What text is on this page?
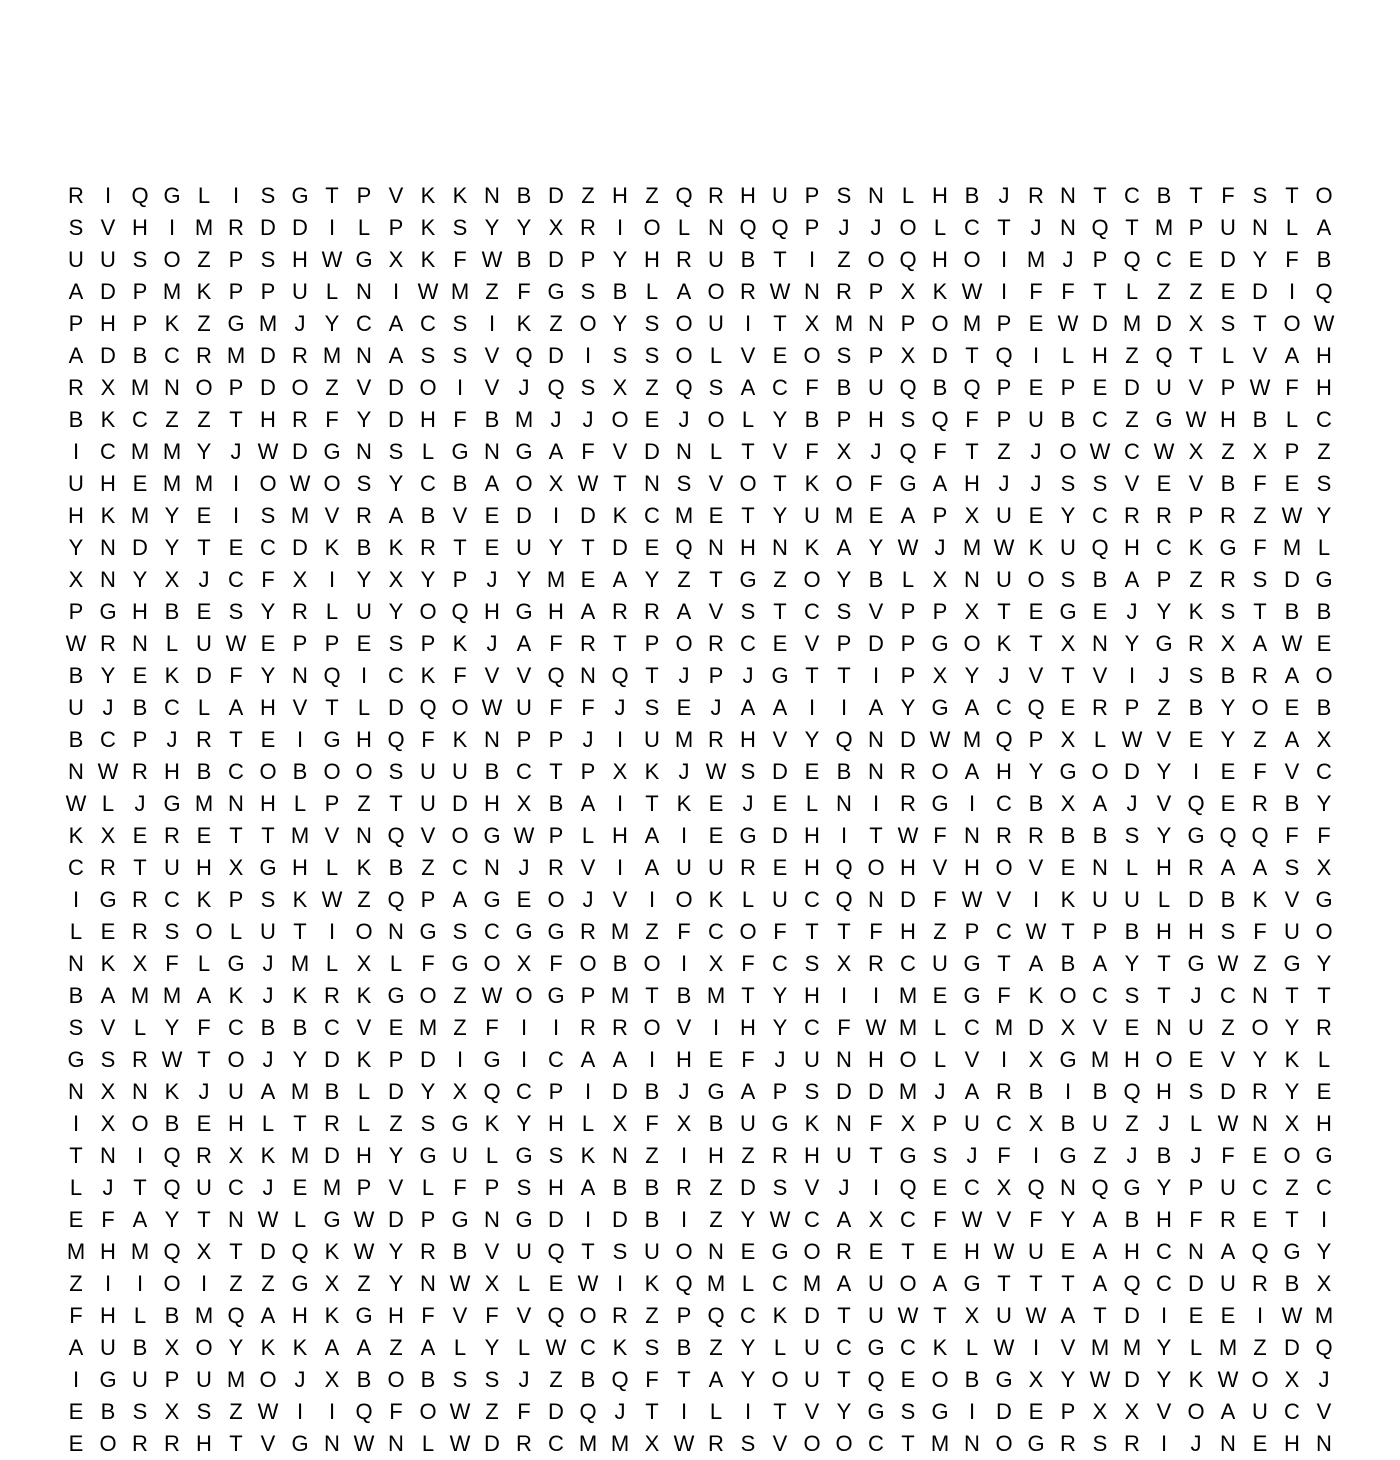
R I Q G L	I S G T P V K K N B D Z H Z Q R H U P S N L H B J R N T C B T F S T O
S V H I M R D D I	L P K S Y Y X R I O L N Q Q P J J O L C T J N Q T M P U N L A
U U S O Z P S H W G X K F W B D P Y H R U B T	I	Z O Q H O I M J P Q C E D Y F B
A D P M K P P U L N I W M Z F G S B L A O R W N R P X K W I	F F T L Z Z E D I Q
P H P K Z G M J Y C A C S I K Z O Y S O U I	T X M N P O M P E W D M D X S T O W
A D B C R M D R M N A S S V Q D I S S O L V E O S P X D T Q I	L H Z Q T L V A H
R X M N O P D O Z V D O I V J Q S X Z Q S A C F B U Q B Q P E P E D U V P W F H
B K C Z Z T H R F Y D H F B M J J O E J O L Y B P H S Q F P U B C Z G W H B L C
I C M M Y J W D G N S L G N G A F V D N L T V F X J Q F T Z J O W C W X Z X P Z
U H E M M I O W O S Y C B A O X W T N S V O T K O F G A H J J S S V E V B F E S
H K M Y E I S M V R A B V E D I D K C M E T Y U M E A P X U E Y C R R P R Z W Y
Y N D Y T E C D K B K R T E U Y T D E Q N H N K A Y W J M W K U Q H C K G F M L
X N Y X J C F X I Y X Y P J Y M E A Y Z T G Z O Y B L X N U O S B A P Z R S D G
P G H B E S Y R L U Y O Q H G H A R R A V S T C S V P P X T E G E J Y K S T B B
W R N L U W E P P E S P K J A F R T P O R C E V P D P G O K T X N Y G R X A W E
B Y E K D F Y N Q I C K F V V Q N Q T J P J G T T	I P X Y J V T V I	J S B R A O
U J B C L A H V T L D Q O W U F F J S E J A A I	I A Y G A C Q E R P Z B Y O E B
B C P J R T E I G H Q F K N P P J	I U M R H V Y Q N D W M Q P X L W V E Y Z A X
N W R H B C O B O O S U U B C T P X K J W S D E B N R O A H Y G O D Y I E F V C
W L J G M N H L P Z T U D H X B A I	T K E J E L N I R G I C B X A J V Q E R B Y
K X E R E T T M V N Q V O G W P L H A I E G D H I	T W F N R R B B S Y G Q Q F F
C R T U H X G H L K B Z C N J R V I A U U R E H Q O H V H O V E N L H R A A S X
I G R C K P S K W Z Q P A G E O J V I O K L U C Q N D F W V I K U U L D B K V G
L E R S O L U T	I O N G S C G G R M Z F C O F T T F H Z P C W T P B H H S F U O
N K X F L G J M L X L F G O X F O B O I X F C S X R C U G T A B A Y T G W Z G Y
B A M M A K J K R K G O Z W O G P M T B M T Y H I	I M E G F K O C S T J C N T T
S V L Y F C B B C V E M Z F	I	I R R O V I H Y C F W M L C M D X V E N U Z O Y R
G S R W T O J Y D K P D I G I C A A I H E F J U N H O L V I X G M H O E V Y K L
N X N K J U A M B L D Y X Q C P I D B J G A P S D D M J A R B I B Q H S D R Y E
I X O B E H L T R L Z S G K Y H L X F X B U G K N F X P U C X B U Z J L W N X H
T N I Q R X K M D H Y G U L G S K N Z	I H Z R H U T G S J F	I G Z J B J F E O G
L J T Q U C J E M P V L F P S H A B B R Z D S V J	I Q E C X Q N Q G Y P U C Z C
E F A Y T N W L G W D P G N G D I D B I	Z Y W C A X C F W V F Y A B H F R E T	I
M H M Q X T D Q K W Y R B V U Q T S U O N E G O R E T E H W U E A H C N A Q G Y
Z	I	I O I	Z Z G X Z Y N W X L E W I K Q M L C M A U O A G T T T A Q C D U R B X
F H L B M Q A H K G H F V F V Q O R Z P Q C K D T U W T X U W A T D I E E I W M
A U B X O Y K K A A Z A L Y L W C K S B Z Y L U C G C K L W I V M M Y L M Z D Q
I G U P U M O J X B O B S S J Z B Q F T A Y O U T Q E O B G X Y W D Y K W O X J
E B S X S Z W I	I Q F O W Z F D Q J T	I	L	I	T V Y G S G I D E P X X V O A U C V
E O R R H T V G N W N L W D R C M M X W R S V O O C T M N O G R S R I	J N E H N
